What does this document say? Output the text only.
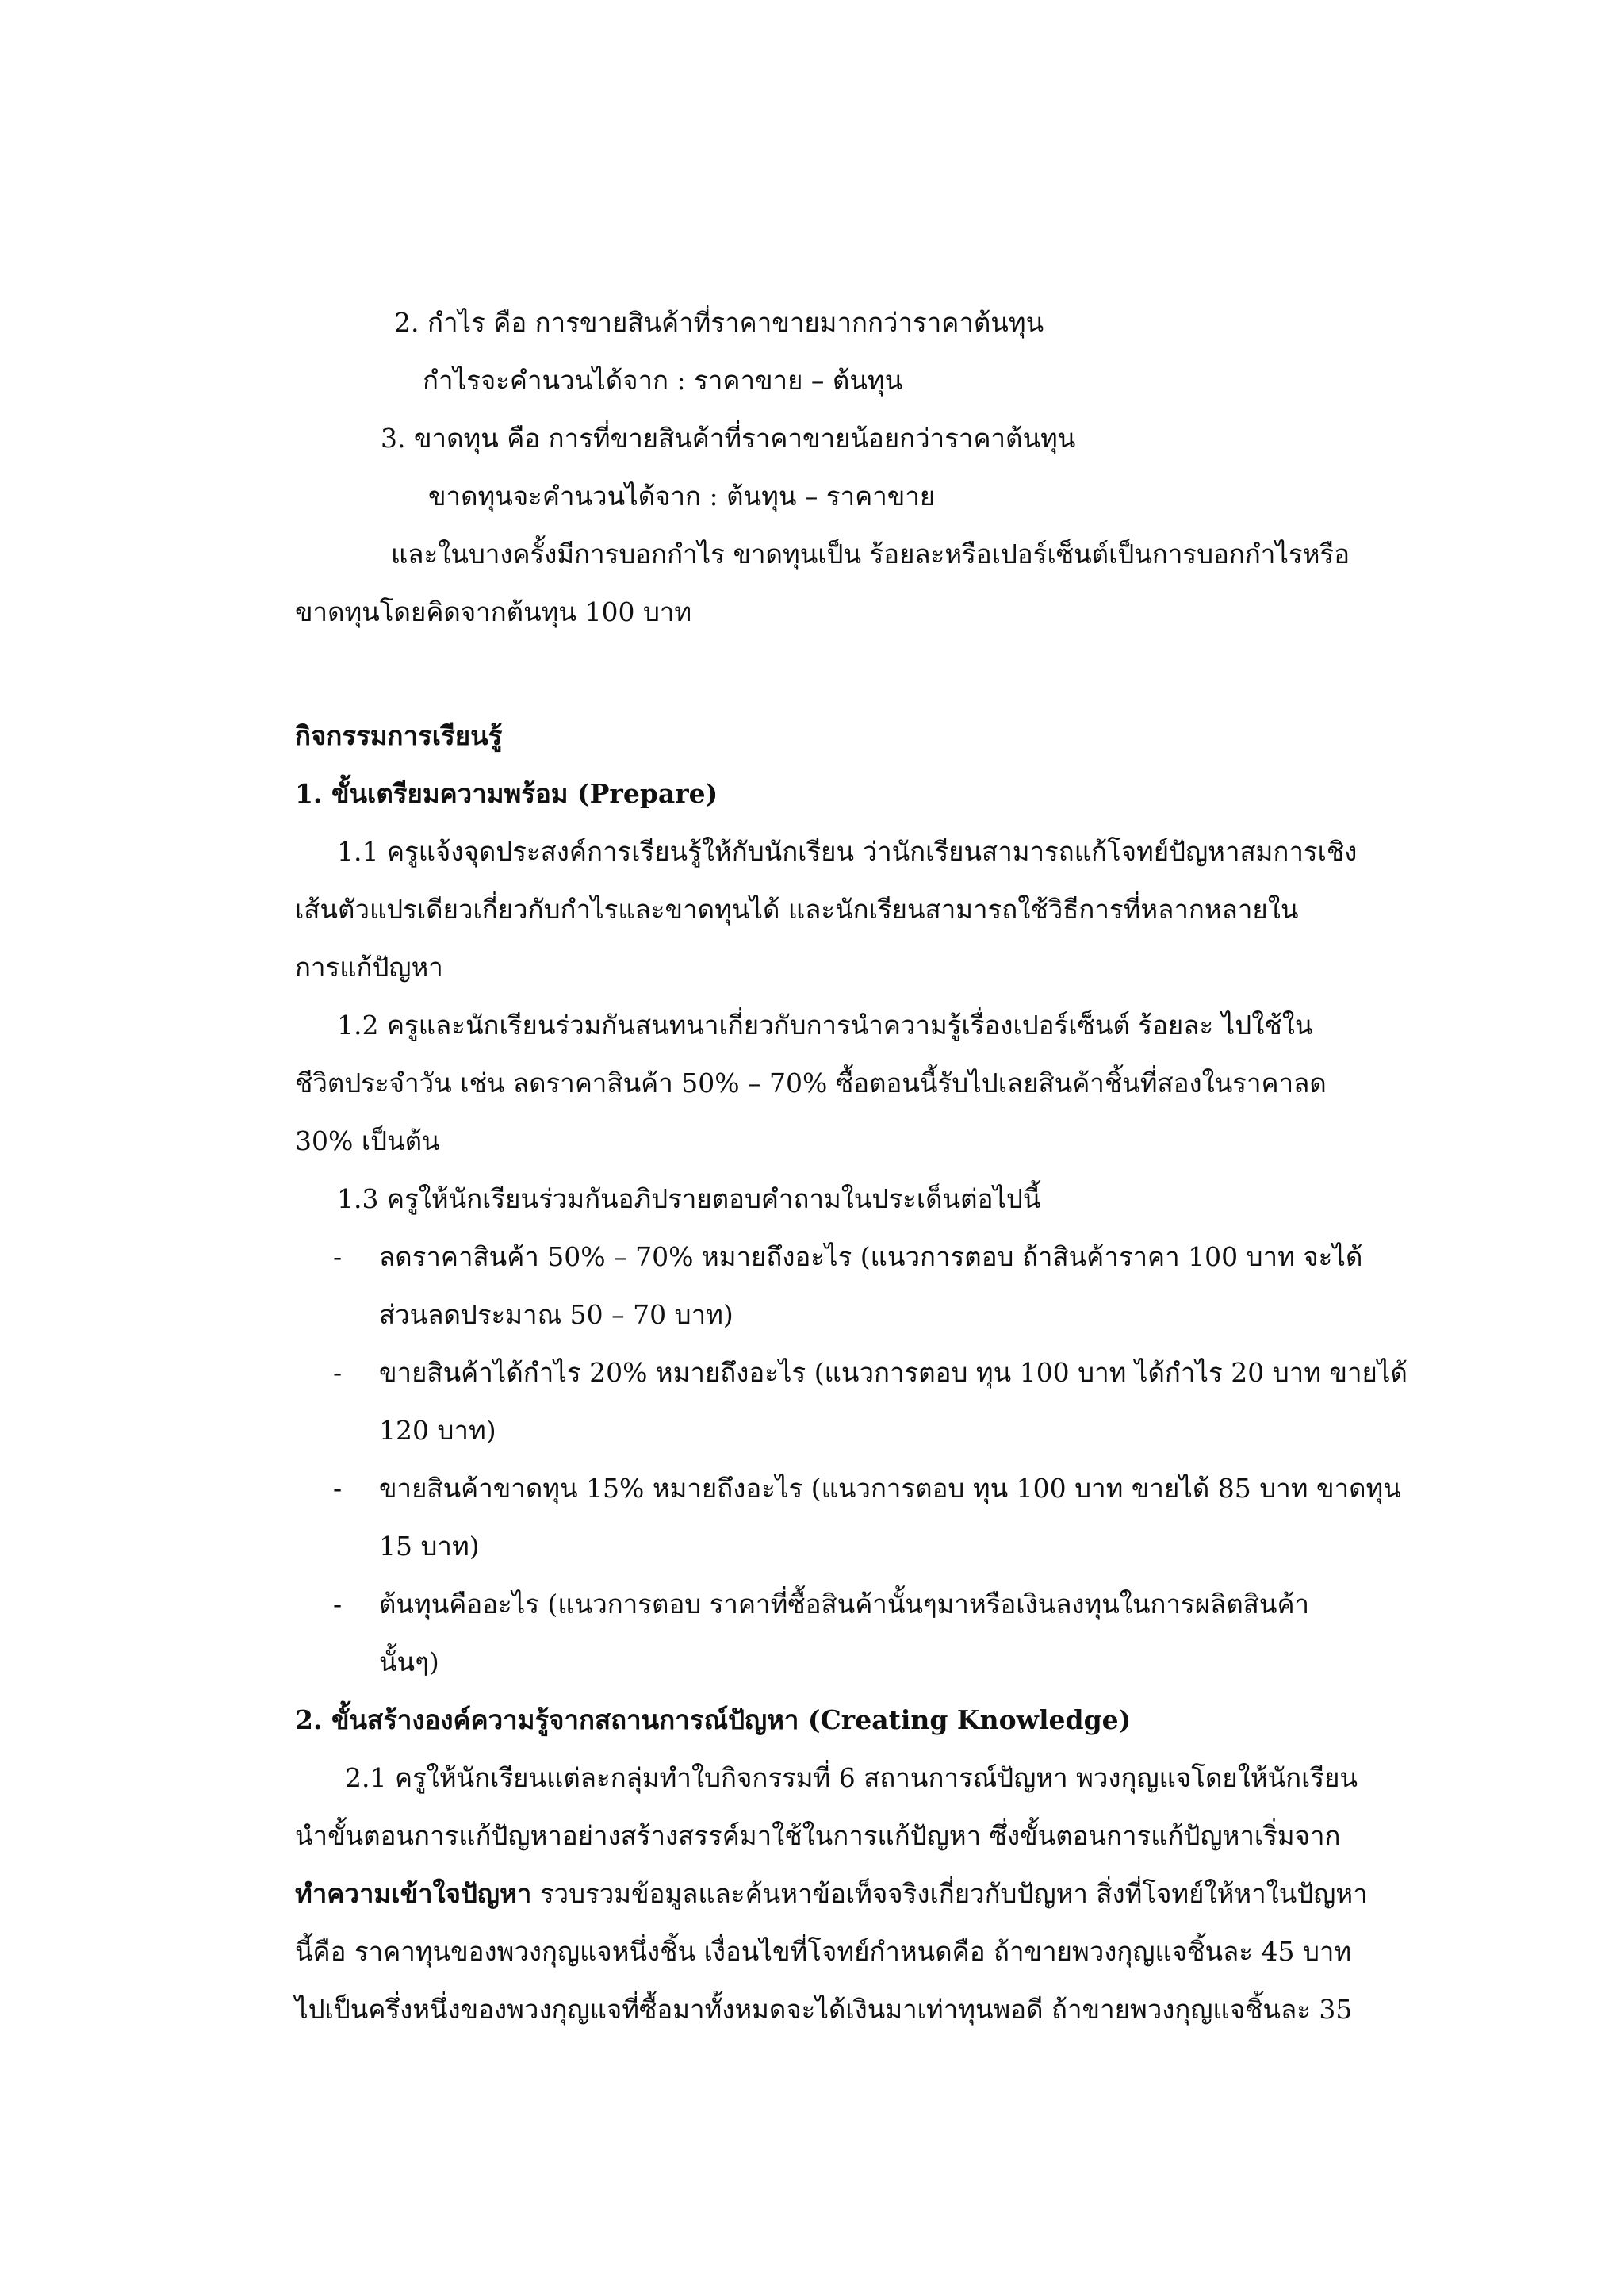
2. กำไร คือ การขายสินค้าที่ราคาขายมากกว่าราคาต้นทุน
กำไรจะคำนวนได้จาก : ราคาขาย – ต้นทุน
3. ขาดทุน คือ การที่ขายสินค้าที่ราคาขายน้อยกว่าราคาต้นทุน
ขาดทุนจะคำนวนได้จาก : ต้นทุน – ราคาขาย
และในบางครั้งมีการบอกกำไร ขาดทุนเป็น ร้อยละหรือเปอร์เซ็นต์เป็นการบอกกำไรหรือ
ขาดทุนโดยคิดจากต้นทุน 100 บาท
กิจกรรมการเรียนรู้
1. ขั้นเตรียมความพร้อม (Prepare)
1.1 ครูแจ้งจุดประสงค์การเรียนรู้ให้กับนักเรียน ว่านักเรียนสามารถแก้โจทย์ปัญหาสมการเชิง
เส้นตัวแปรเดียวเกี่ยวกับกำไรและขาดทุนได้ และนักเรียนสามารถใช้วิธีการที่หลากหลายใน
การแก้ปัญหา
1.2 ครูและนักเรียนร่วมกันสนทนาเกี่ยวกับการนำความรู้เรื่องเปอร์เซ็นต์ ร้อยละ ไปใช้ใน
ชีวิตประจำวัน เช่น ลดราคาสินค้า 50% – 70% ซื้อตอนนี้รับไปเลยสินค้าชิ้นที่สองในราคาลด
30% เป็นต้น
1.3 ครูให้นักเรียนร่วมกันอภิปรายตอบคำถามในประเด็นต่อไปนี้
- ลดราคาสินค้า 50% – 70% หมายถึงอะไร (แนวการตอบ ถ้าสินค้าราคา 100 บาท จะได้
ส่วนลดประมาณ 50 – 70 บาท)
- ขายสินค้าได้กำไร 20% หมายถึงอะไร (แนวการตอบ ทุน 100 บาท ได้กำไร 20 บาท ขายได้
120 บาท)
- ขายสินค้าขาดทุน 15% หมายถึงอะไร (แนวการตอบ ทุน 100 บาท ขายได้ 85 บาท ขาดทุน
15 บาท)
- ต้นทุนคืออะไร (แนวการตอบ ราคาที่ซื้อสินค้านั้นๆมาหรือเงินลงทุนในการผลิตสินค้า
นั้นๆ)
2. ขั้นสร้างองค์ความรู้จากสถานการณ์ปัญหา (Creating Knowledge)
2.1 ครูให้นักเรียนแต่ละกลุ่มทำใบกิจกรรมที่ 6 สถานการณ์ปัญหา พวงกุญแจโดยให้นักเรียน
นำขั้นตอนการแก้ปัญหาอย่างสร้างสรรค์มาใช้ในการแก้ปัญหา ซึ่งขั้นตอนการแก้ปัญหาเริ่มจาก
ทำความเข้าใจปัญหา รวบรวมข้อมูลและค้นหาข้อเท็จจริงเกี่ยวกับปัญหา สิ่งที่โจทย์ให้หาในปัญหา
นี้คือ ราคาทุนของพวงกุญแจหนึ่งชิ้น เงื่อนไขที่โจทย์กำหนดคือ ถ้าขายพวงกุญแจชิ้นละ 45 บาท
ไปเป็นครึ่งหนึ่งของพวงกุญแจที่ซื้อมาทั้งหมดจะได้เงินมาเท่าทุนพอดี ถ้าขายพวงกุญแจชิ้นละ 35
